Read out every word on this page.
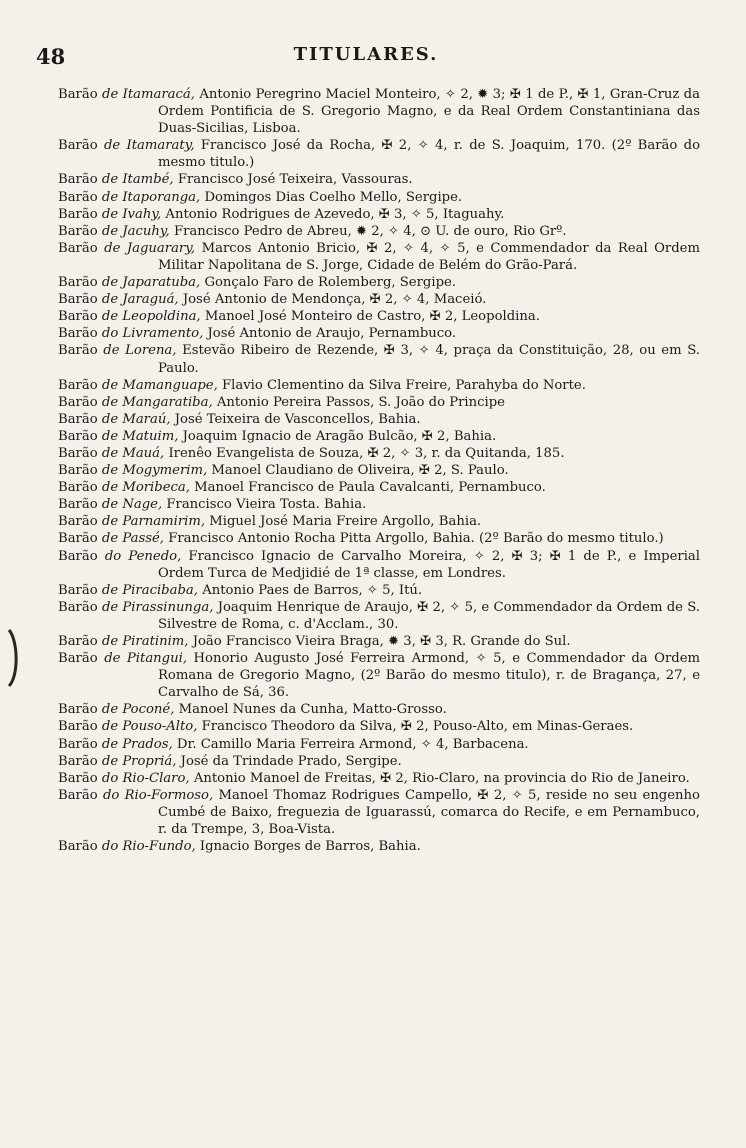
48	TITULARES.

Barão de Itamaracá, Antonio Peregrino Maciel Monteiro, ✧ 2, ✹ 3; ✠ 1 de P., ✠ 1, Gran-Cruz da Ordem Pontificia de S. Gregorio Magno, e da Real Ordem Constantiniana das Duas-Sicilias, Lisboa.

Barão de Itamaraty, Francisco José da Rocha, ✠ 2, ✧ 4, r. de S. Joaquim, 170. (2º Barão do mesmo titulo.)

Barão de Itambé, Francisco José Teixeira, Vassouras.

Barão de Itaporanga, Domingos Dias Coelho Mello, Sergipe.

Barão de Ivahy, Antonio Rodrigues de Azevedo, ✠ 3, ✧ 5, Itaguahy.

Barão de Jacuhy, Francisco Pedro de Abreu, ✹ 2, ✧ 4, ⊙ U. de ouro, Rio Grº.

Barão de Jaguarary, Marcos Antonio Bricio, ✠ 2, ✧ 4, ✧ 5, e Commendador da Real Ordem Militar Napolitana de S. Jorge, Cidade de Belém do Grão-Pará.

Barão de Japaratuba, Gonçalo Faro de Rolemberg, Sergipe.

Barão de Jaraguá, José Antonio de Mendonça, ✠ 2, ✧ 4, Maceió.

Barão de Leopoldina, Manoel José Monteiro de Castro, ✠ 2, Leopoldina.

Barão do Livramento, José Antonio de Araujo, Pernambuco.

Barão de Lorena, Estevão Ribeiro de Rezende, ✠ 3, ✧ 4, praça da Constituição, 28, ou em S. Paulo.

Barão de Mamanguape, Flavio Clementino da Silva Freire, Parahyba do Norte.

Barão de Mangaratiba, Antonio Pereira Passos, S. João do Principe

Barão de Maraú, José Teixeira de Vasconcellos, Bahia.

Barão de Matuim, Joaquim Ignacio de Aragão Bulcão, ✠ 2, Bahia.

Barão de Mauá, Irenêo Evangelista de Souza, ✠ 2, ✧ 3, r. da Quitanda, 185.

Barão de Mogymerim, Manoel Claudiano de Oliveira, ✠ 2, S. Paulo.

Barão de Moribeca, Manoel Francisco de Paula Cavalcanti, Pernambuco.

Barão de Nage, Francisco Vieira Tosta. Bahia.

Barão de Parnamirim, Miguel José Maria Freire Argollo, Bahia.

Barão de Passé, Francisco Antonio Rocha Pitta Argollo, Bahia. (2º Barão do mesmo titulo.)

Barão do Penedo, Francisco Ignacio de Carvalho Moreira, ✧ 2, ✠ 3; ✠ 1 de P., e Imperial Ordem Turca de Medjidié de 1ª classe, em Londres.

Barão de Piracibaba, Antonio Paes de Barros, ✧ 5, Itú.

Barão de Pirassinunga, Joaquim Henrique de Araujo, ✠ 2, ✧ 5, e Commendador da Ordem de S. Silvestre de Roma, c. d'Acclam., 30.

Barão de Piratinim, João Francisco Vieira Braga, ✹ 3, ✠ 3, R. Grande do Sul.

Barão de Pitangui, Honorio Augusto José Ferreira Armond, ✧ 5, e Commendador da Ordem Romana de Gregorio Magno, (2º Barão do mesmo titulo), r. de Bragança, 27, e Carvalho de Sá, 36.

Barão de Poconé, Manoel Nunes da Cunha, Matto-Grosso.

Barão de Pouso-Alto, Francisco Theodoro da Silva, ✠ 2, Pouso-Alto, em Minas-Geraes.

Barão de Prados, Dr. Camillo Maria Ferreira Armond, ✧ 4, Barbacena.

Barão de Propriá, José da Trindade Prado, Sergipe.

Barão do Rio-Claro, Antonio Manoel de Freitas, ✠ 2, Rio-Claro, na provincia do Rio de Janeiro.

Barão do Rio-Formoso, Manoel Thomaz Rodrigues Campello, ✠ 2, ✧ 5, reside no seu engenho Cumbé de Baixo, freguezia de Iguarassú, comarca do Recife, e em Pernambuco, r. da Trempe, 3, Boa-Vista.

Barão do Rio-Fundo, Ignacio Borges de Barros, Bahia.
